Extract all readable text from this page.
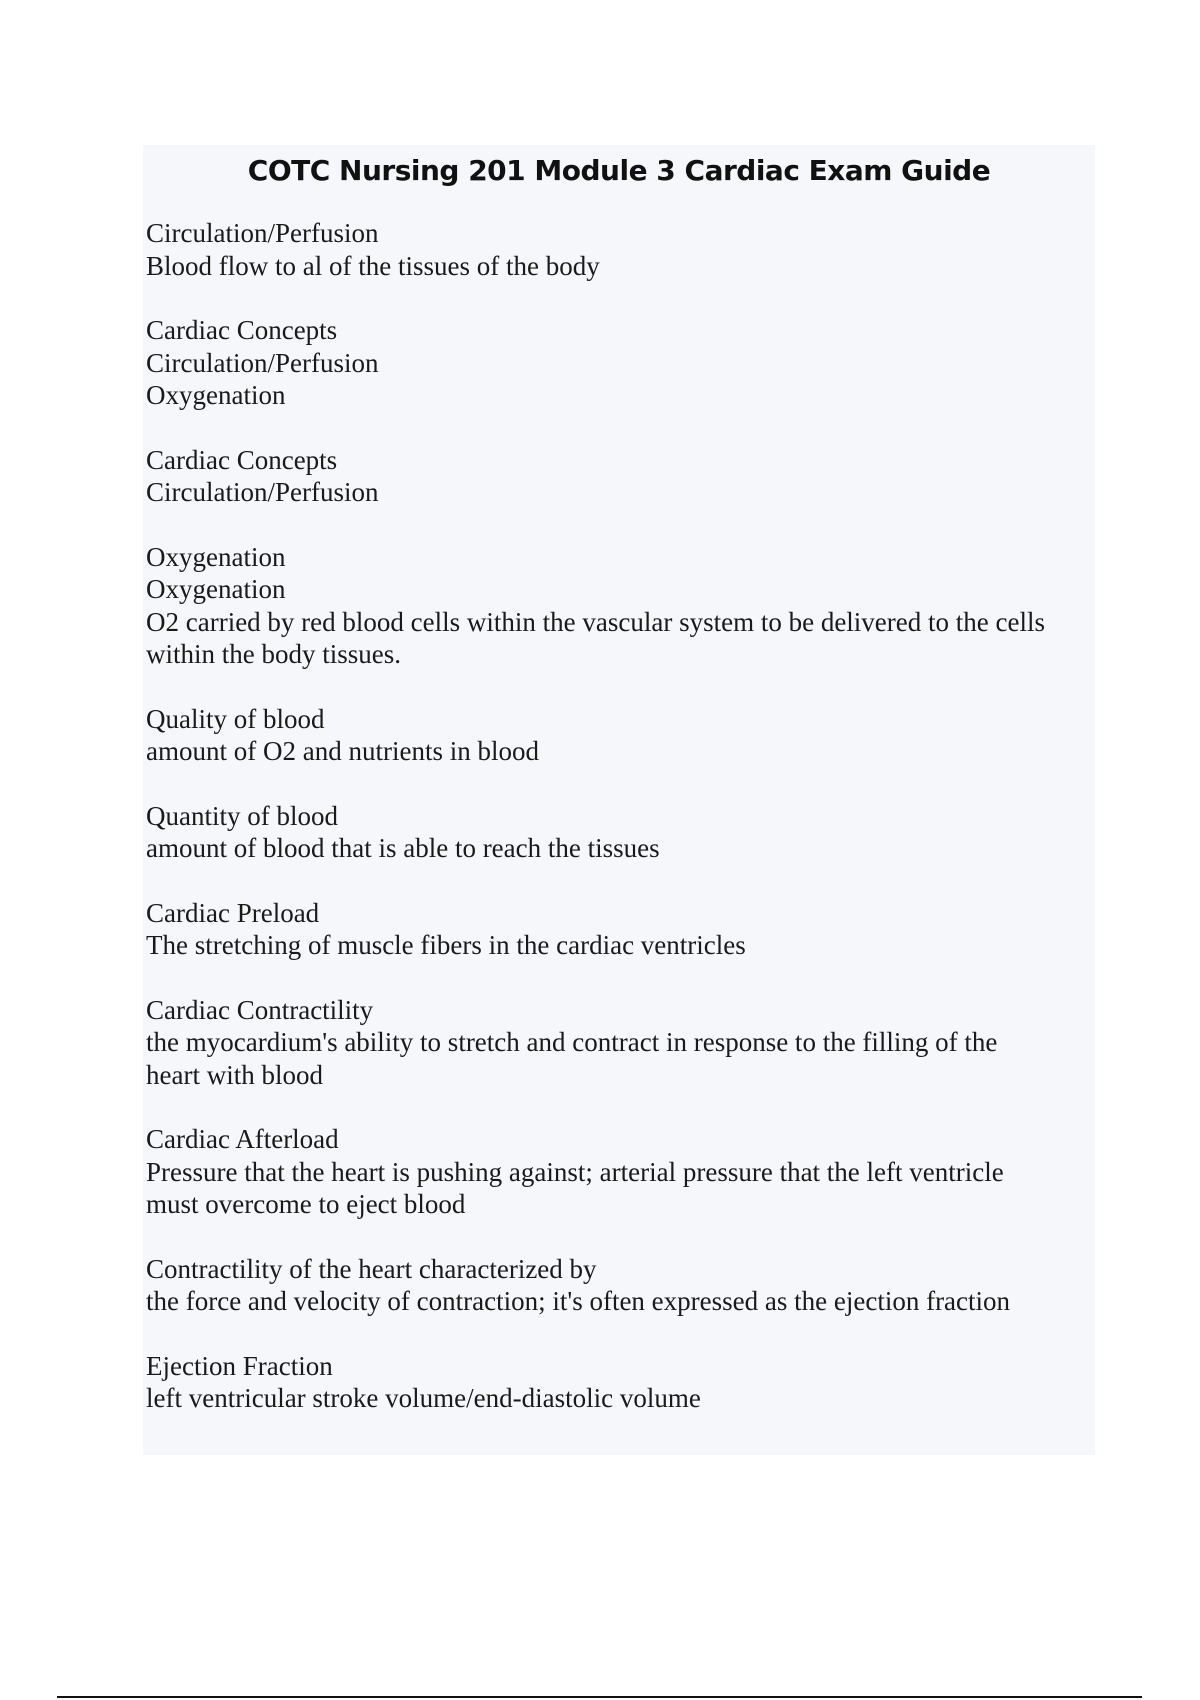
COTC Nursing 201 Module 3 Cardiac Exam Guide
Circulation/Perfusion
Blood flow to al of the tissues of the body
Cardiac Concepts
Circulation/Perfusion
Oxygenation
Cardiac Concepts
Circulation/Perfusion
Oxygenation
Oxygenation
O2 carried by red blood cells within the vascular system to be delivered to the cells
within the body tissues.
Quality of blood
amount of O2 and nutrients in blood
Quantity of blood
amount of blood that is able to reach the tissues
Cardiac Preload
The stretching of muscle fibers in the cardiac ventricles
Cardiac Contractility
the myocardium's ability to stretch and contract in response to the filling of the
heart with blood
Cardiac Afterload
Pressure that the heart is pushing against; arterial pressure that the left ventricle
must overcome to eject blood
Contractility of the heart characterized by
the force and velocity of contraction; it's often expressed as the ejection fraction
Ejection Fraction
left ventricular stroke volume/end-diastolic volume
